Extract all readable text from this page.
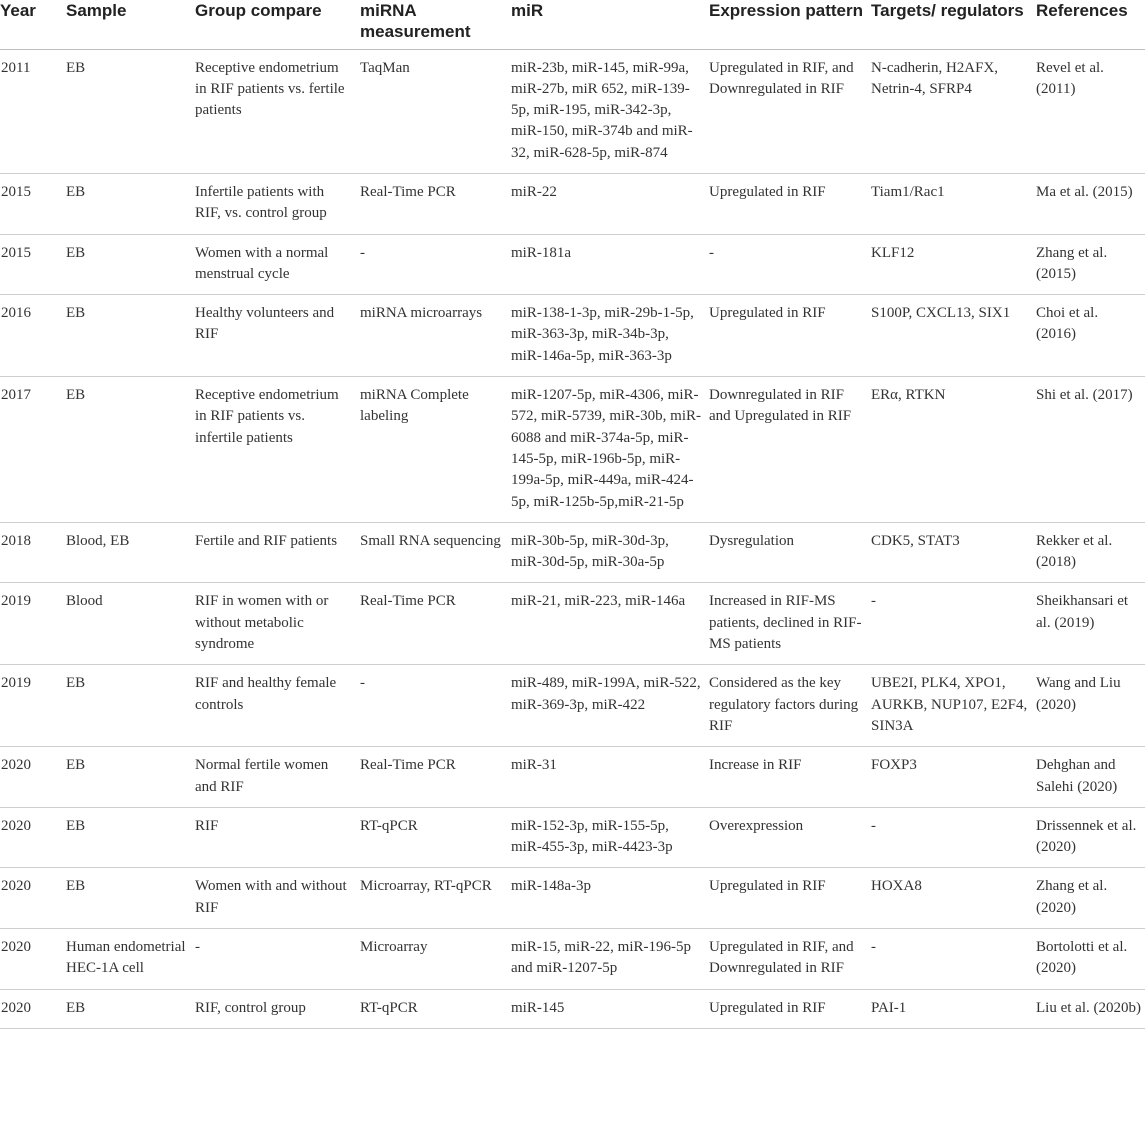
Year	Sample	Group compare	miRNA measurement	miR	Expression pattern	Targets/ regulators	References
2011	EB	Receptive endometrium in RIF patients vs. fertile patients	TaqMan	miR-23b, miR-145, miR-99a, miR-27b, miR 652, miR-139-5p, miR-195, miR-342-3p, miR-150, miR-374b and miR-32, miR-628-5p, miR-874	Upregulated in RIF, and Downregulated in RIF	N-cadherin, H2AFX, Netrin-4, SFRP4	Revel et al. (2011)
2015	EB	Infertile patients with RIF, vs. control group	Real-Time PCR	miR-22	Upregulated in RIF	Tiam1/Rac1	Ma et al. (2015)
2015	EB	Women with a normal menstrual cycle	-	miR-181a	-	KLF12	Zhang et al. (2015)
2016	EB	Healthy volunteers and RIF	miRNA microarrays	miR-138-1-3p, miR-29b-1-5p, miR-363-3p, miR-34b-3p, miR-146a-5p, miR-363-3p	Upregulated in RIF	S100P, CXCL13, SIX1	Choi et al. (2016)
2017	EB	Receptive endometrium in RIF patients vs. infertile patients	miRNA Complete labeling	miR-1207-5p, miR-4306, miR-572, miR-5739, miR-30b, miR-6088 and miR-374a-5p, miR-145-5p, miR-196b-5p, miR-199a-5p, miR-449a, miR-424-5p, miR-125b-5p,miR-21-5p	Downregulated in RIF and Upregulated in RIF	ERα, RTKN	Shi et al. (2017)
2018	Blood, EB	Fertile and RIF patients	Small RNA sequencing	miR-30b-5p, miR-30d-3p, miR-30d-5p, miR-30a-5p	Dysregulation	CDK5, STAT3	Rekker et al. (2018)
2019	Blood	RIF in women with or without metabolic syndrome	Real-Time PCR	miR-21, miR-223, miR-146a	Increased in RIF-MS patients, declined in RIF-MS patients	-	Sheikhansari et al. (2019)
2019	EB	RIF and healthy female controls	-	miR-489, miR-199A, miR-522, miR-369-3p, miR-422	Considered as the key regulatory factors during RIF	UBE2I, PLK4, XPO1, AURKB, NUP107, E2F4, SIN3A	Wang and Liu (2020)
2020	EB	Normal fertile women and RIF	Real-Time PCR	miR-31	Increase in RIF	FOXP3	Dehghan and Salehi (2020)
2020	EB	RIF	RT-qPCR	miR-152-3p, miR-155-5p, miR-455-3p, miR-4423-3p	Overexpression	-	Drissennek et al. (2020)
2020	EB	Women with and without RIF	Microarray, RT-qPCR	miR-148a-3p	Upregulated in RIF	HOXA8	Zhang et al. (2020)
2020	Human endometrial HEC-1A cell	-	Microarray	miR-15, miR-22, miR-196-5p and miR-1207-5p	Upregulated in RIF, and Downregulated in RIF	-	Bortolotti et al. (2020)
2020	EB	RIF, control group	RT-qPCR	miR-145	Upregulated in RIF	PAI-1	Liu et al. (2020b)
